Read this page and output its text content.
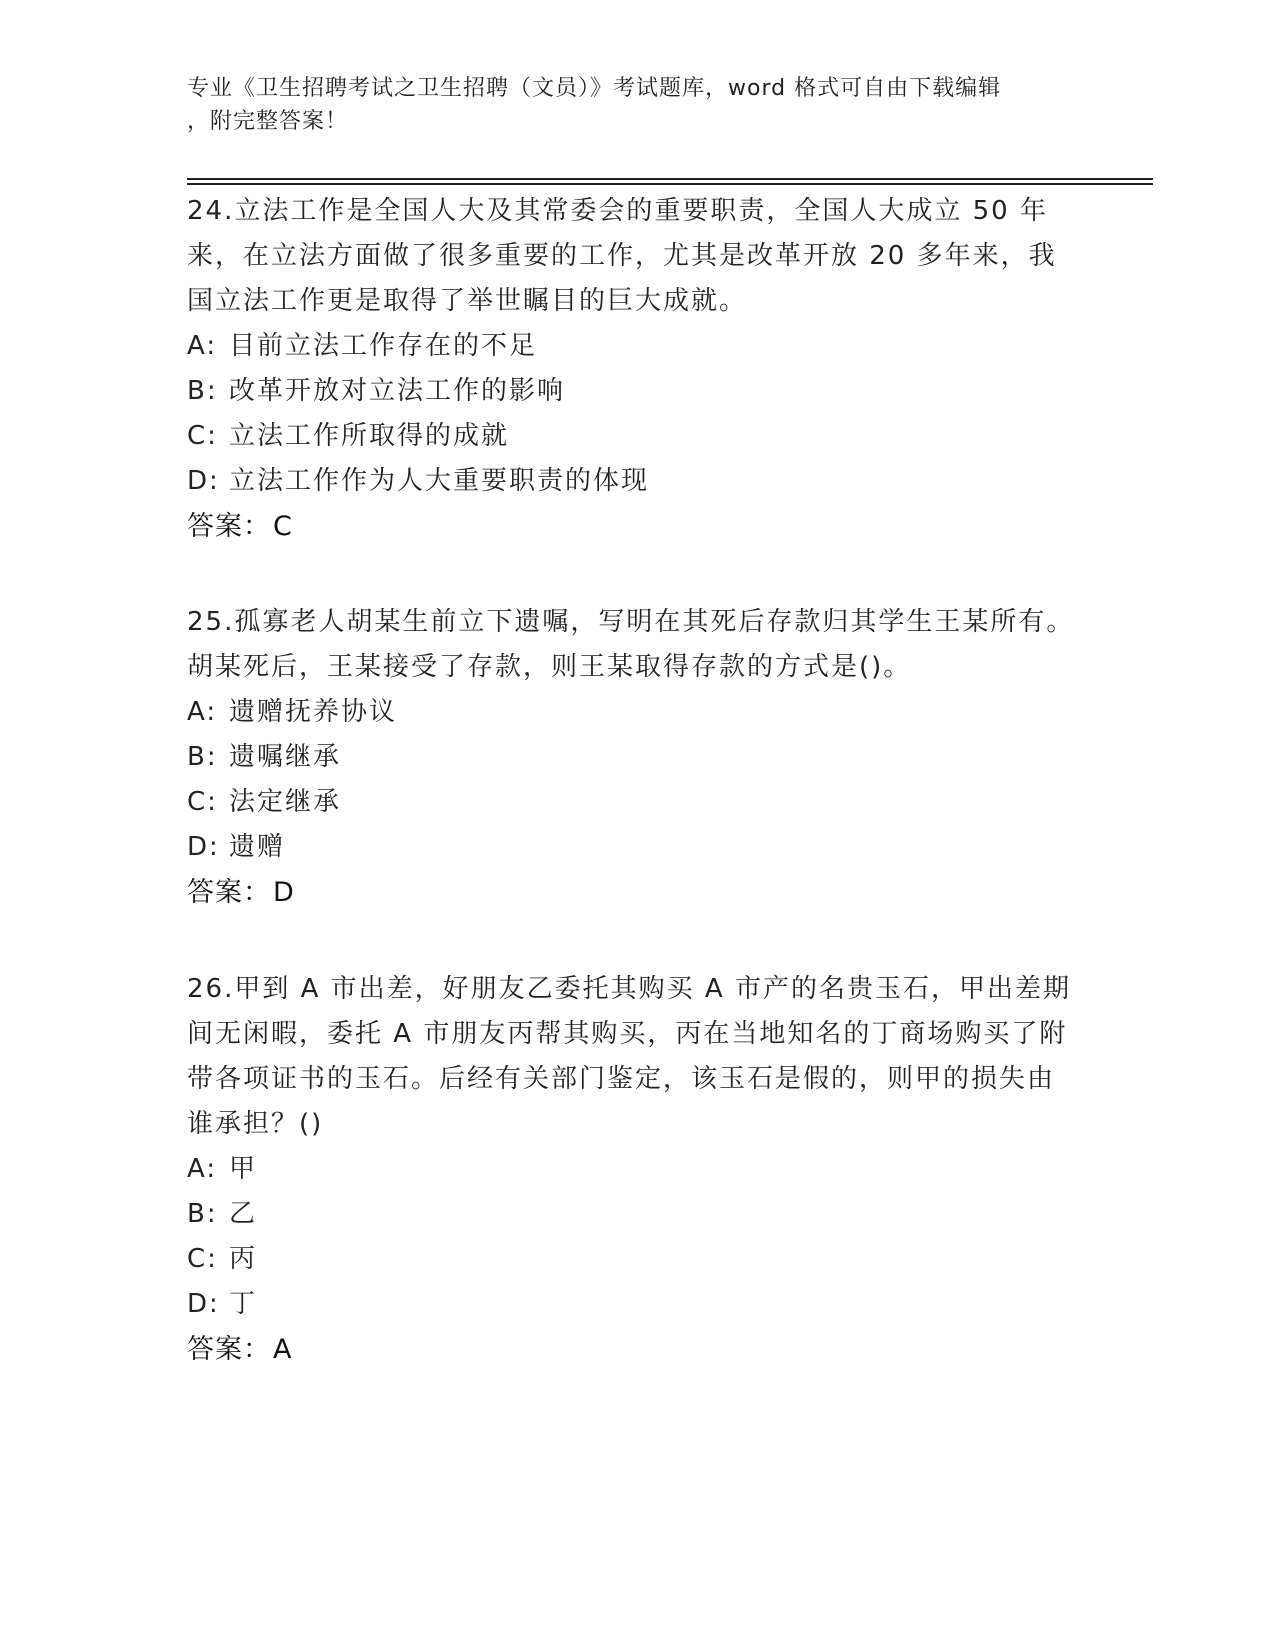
专业《卫生招聘考试之卫生招聘（文员）》考试题库，word 格式可自由下载编辑
，附完整答案！

24.立法工作是全国人大及其常委会的重要职责，全国人大成立 50 年来，在立法方面做了很多重要的工作，尤其是改革开放 20 多年来，我国立法工作更是取得了举世瞩目的巨大成就。

A: 目前立法工作存在的不足
B: 改革开放对立法工作的影响
C: 立法工作所取得的成就
D: 立法工作作为人大重要职责的体现

答案：C

25.孤寡老人胡某生前立下遗嘱，写明在其死后存款归其学生王某所有。胡某死后，王某接受了存款，则王某取得存款的方式是()。

A: 遗赠抚养协议
B: 遗嘱继承
C: 法定继承
D: 遗赠

答案：D

26.甲到 A 市出差，好朋友乙委托其购买 A 市产的名贵玉石，甲出差期间无闲暇，委托 A 市朋友丙帮其购买，丙在当地知名的丁商场购买了附带各项证书的玉石。后经有关部门鉴定，该玉石是假的，则甲的损失由谁承担？()

A: 甲
B: 乙
C: 丙
D: 丁

答案：A
